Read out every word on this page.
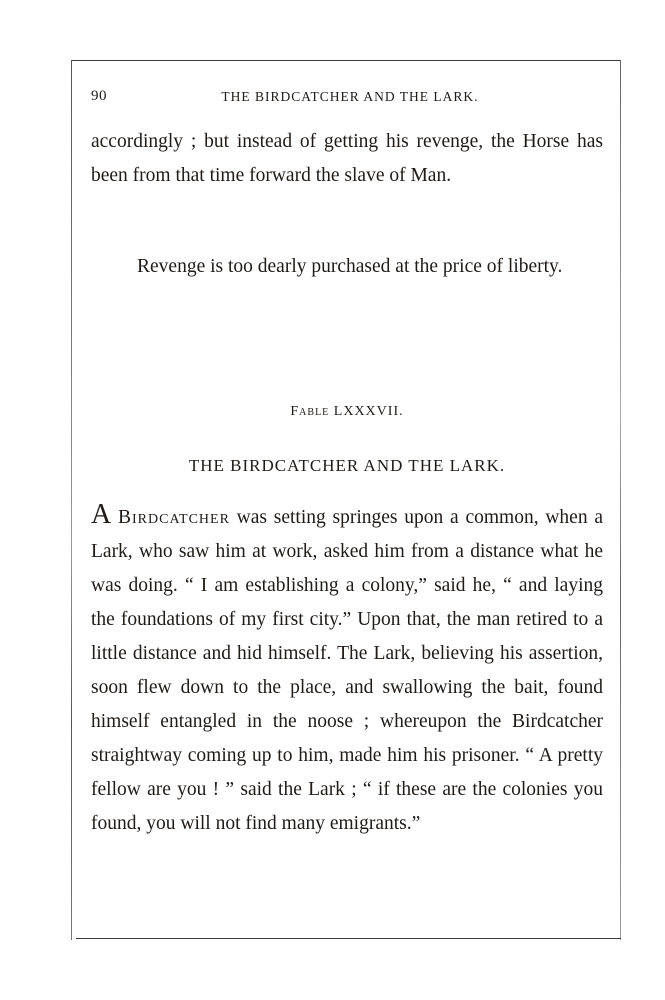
90	THE BIRDCATCHER AND THE LARK.
accordingly ; but instead of getting his revenge, the Horse has been from that time forward the slave of Man.
Revenge is too dearly purchased at the price of liberty.
Fable LXXXVII.
THE BIRDCATCHER AND THE LARK.
A Birdcatcher was setting springes upon a common, when a Lark, who saw him at work, asked him from a distance what he was doing. “ I am establishing a colony,” said he, “ and laying the foundations of my first city.” Upon that, the man retired to a little distance and hid himself. The Lark, believing his assertion, soon flew down to the place, and swallowing the bait, found himself entangled in the noose ; whereupon the Birdcatcher straightway coming up to him, made him his prisoner. “ A pretty fellow are you ! ” said the Lark ; “ if these are the colonies you found, you will not find many emigrants.”
